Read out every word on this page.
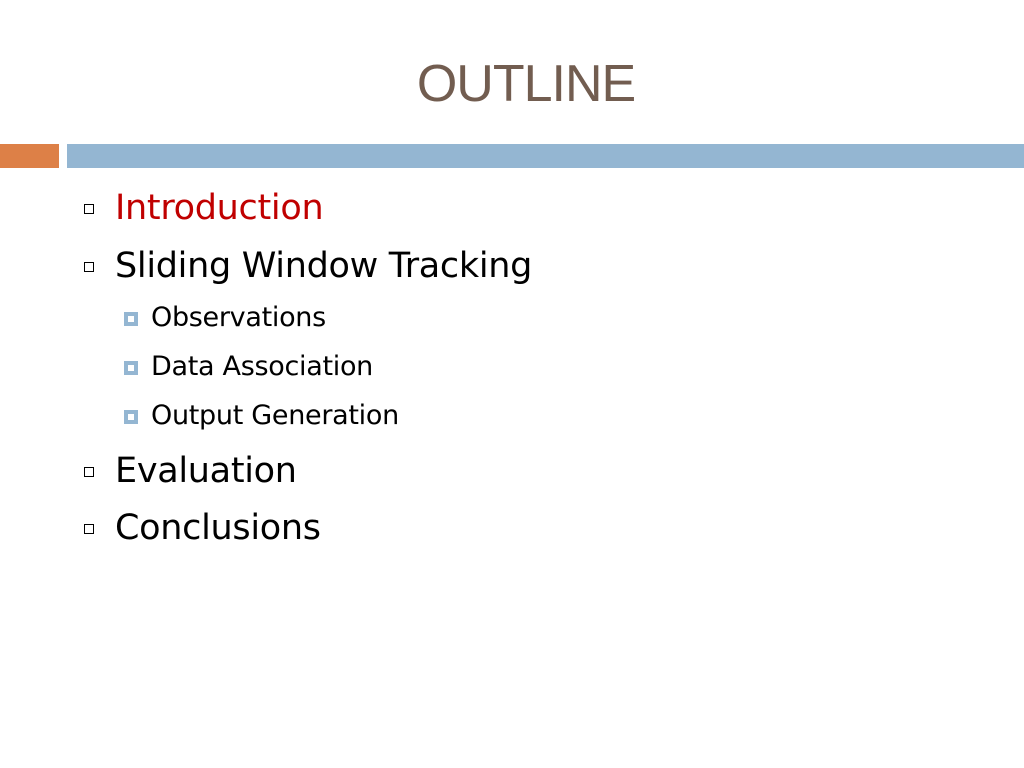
OUTLINE
Introduction
Sliding Window Tracking
Observations
Data Association
Output Generation
Evaluation
Conclusions
